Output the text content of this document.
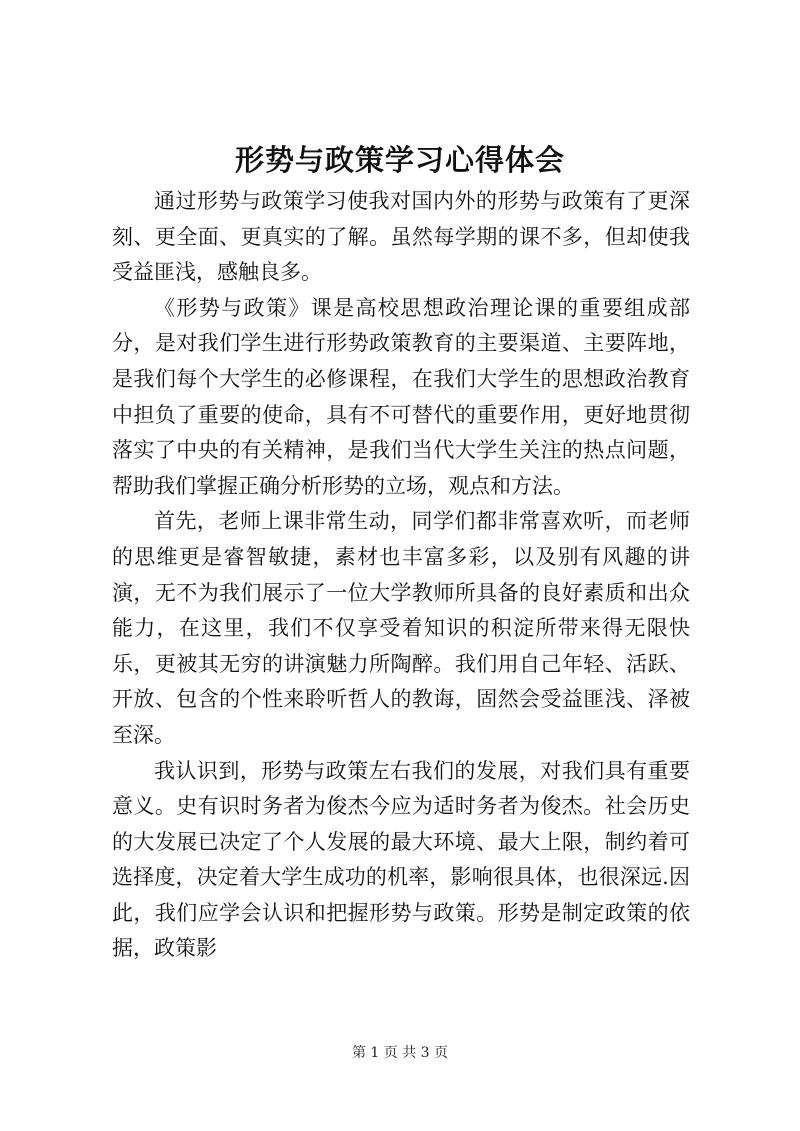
形势与政策学习心得体会

通过形势与政策学习使我对国内外的形势与政策有了更深刻、更全面、更真实的了解。虽然每学期的课不多，但却使我受益匪浅，感触良多。

《形势与政策》课是高校思想政治理论课的重要组成部分，是对我们学生进行形势政策教育的主要渠道、主要阵地，是我们每个大学生的必修课程，在我们大学生的思想政治教育中担负了重要的使命，具有不可替代的重要作用，更好地贯彻落实了中央的有关精神，是我们当代大学生关注的热点问题，帮助我们掌握正确分析形势的立场，观点和方法。

首先，老师上课非常生动，同学们都非常喜欢听，而老师的思维更是睿智敏捷，素材也丰富多彩，以及别有风趣的讲演，无不为我们展示了一位大学教师所具备的良好素质和出众能力，在这里，我们不仅享受着知识的积淀所带来得无限快乐，更被其无穷的讲演魅力所陶醉。我们用自己年轻、活跃、开放、包含的个性来聆听哲人的教诲，固然会受益匪浅、泽被至深。

我认识到，形势与政策左右我们的发展，对我们具有重要意义。史有识时务者为俊杰今应为适时务者为俊杰。社会历史的大发展已决定了个人发展的最大环境、最大上限，制约着可选择度，决定着大学生成功的机率，影响很具体，也很深远.因此，我们应学会认识和把握形势与政策。形势是制定政策的依据，政策影

第 1 页 共 3 页
